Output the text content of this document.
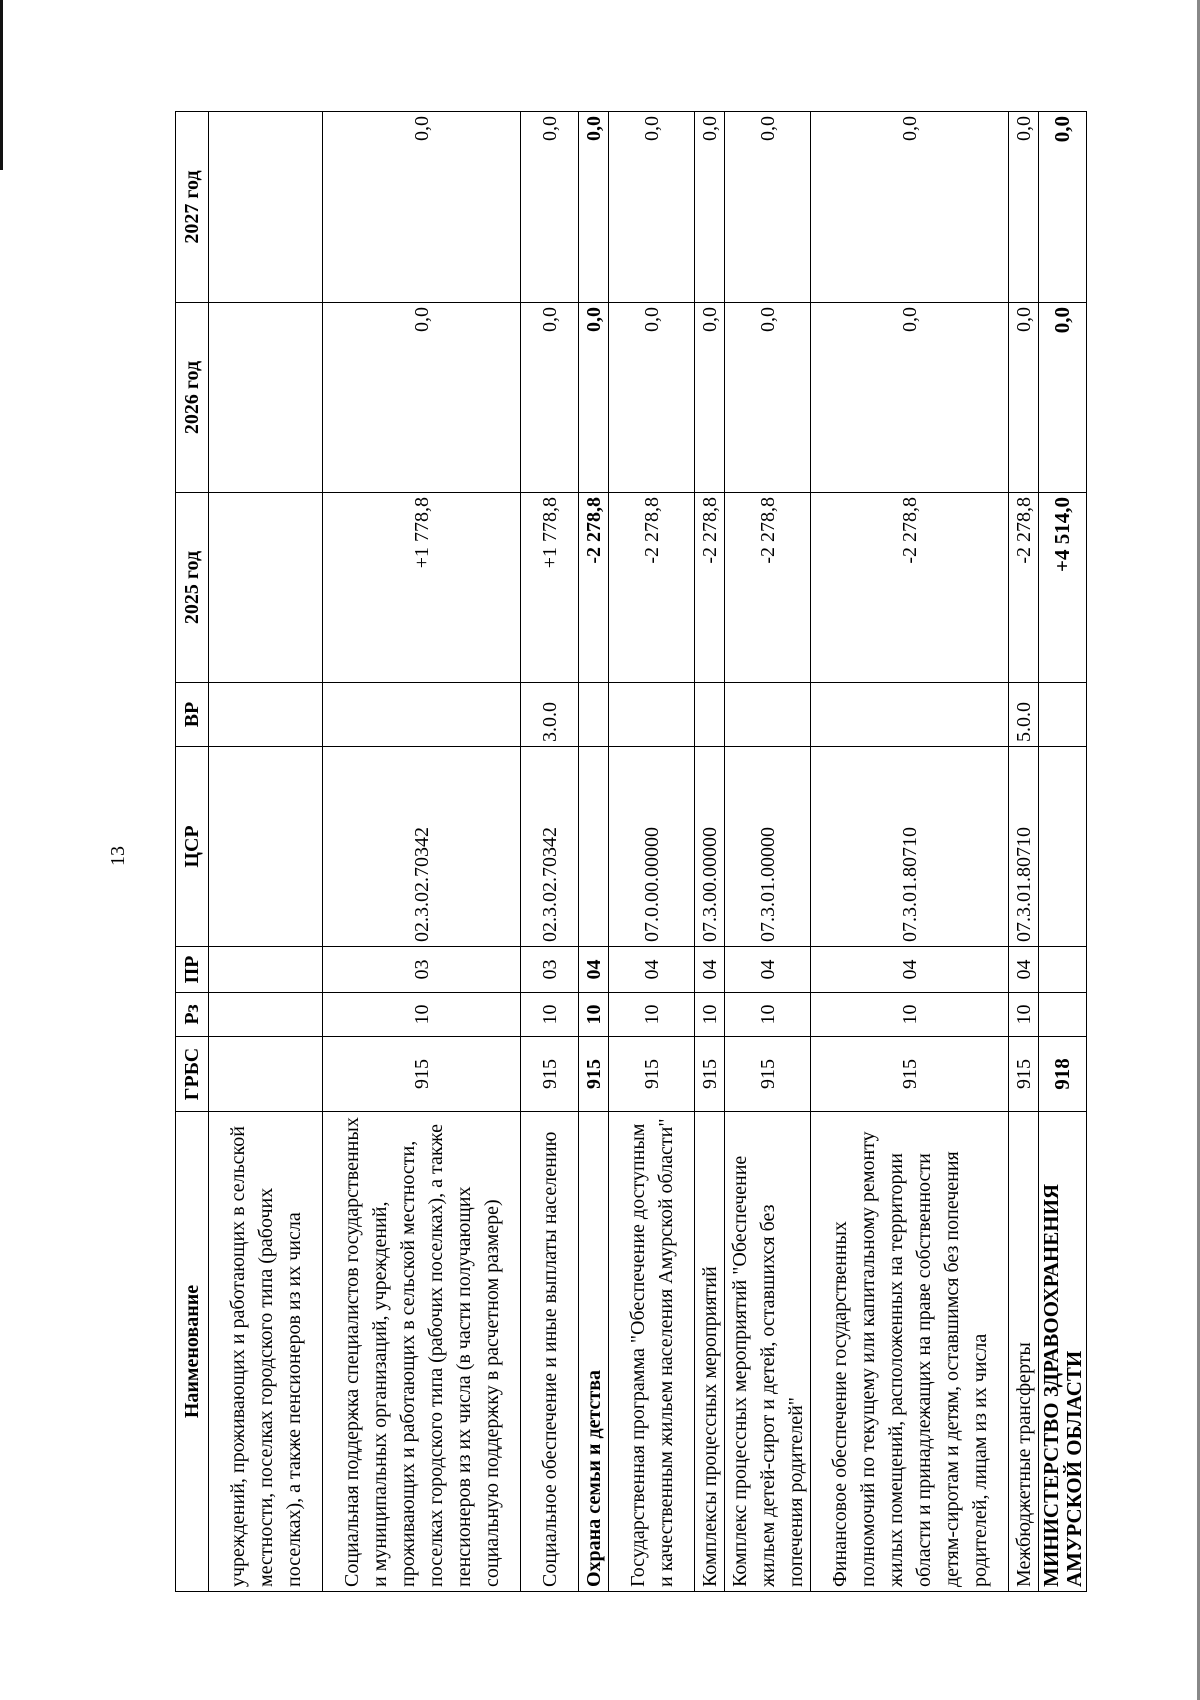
13
Наименование	ГРБС	Рз	ПР	ЦСР	ВР	2025 год	2026 год	2027 год
учреждений, проживающих и работающих в сельской местности, поселках городского типа (рабочих поселках), а также пенсионеров из их числа								
Социальная поддержка специалистов государственных и муниципальных организаций, учреждений, проживающих и работающих в сельской местности, поселках городского типа (рабочих поселках), а также пенсионеров из их числа (в части получающих социальную поддержку в расчетном размере)	915	10	03	02.3.02.70342		+1 778,8	0,0	0,0
Социальное обеспечение и иные выплаты населению	915	10	03	02.3.02.70342	3.0.0	+1 778,8	0,0	0,0
Охрана семьи и детства	915	10	04			-2 278,8	0,0	0,0
Государственная программа "Обеспечение доступным и качественным жильем населения Амурской области"	915	10	04	07.0.00.00000		-2 278,8	0,0	0,0
Комплексы процессных мероприятий	915	10	04	07.3.00.00000		-2 278,8	0,0	0,0
Комплекс процессных мероприятий "Обеспечение жильем детей-сирот и детей, оставшихся без попечения родителей"	915	10	04	07.3.01.00000		-2 278,8	0,0	0,0
Финансовое обеспечение государственных полномочий по текущему или капитальному ремонту жилых помещений, расположенных на территории области и принадлежащих на праве собственности детям-сиротам и детям, оставшимся без попечения родителей, лицам из их числа	915	10	04	07.3.01.80710		-2 278,8	0,0	0,0
Межбюджетные трансферты	915	10	04	07.3.01.80710	5.0.0	-2 278,8	0,0	0,0
МИНИСТЕРСТВО ЗДРАВООХРАНЕНИЯ АМУРСКОЙ ОБЛАСТИ	918					+4 514,0	0,0	0,0
